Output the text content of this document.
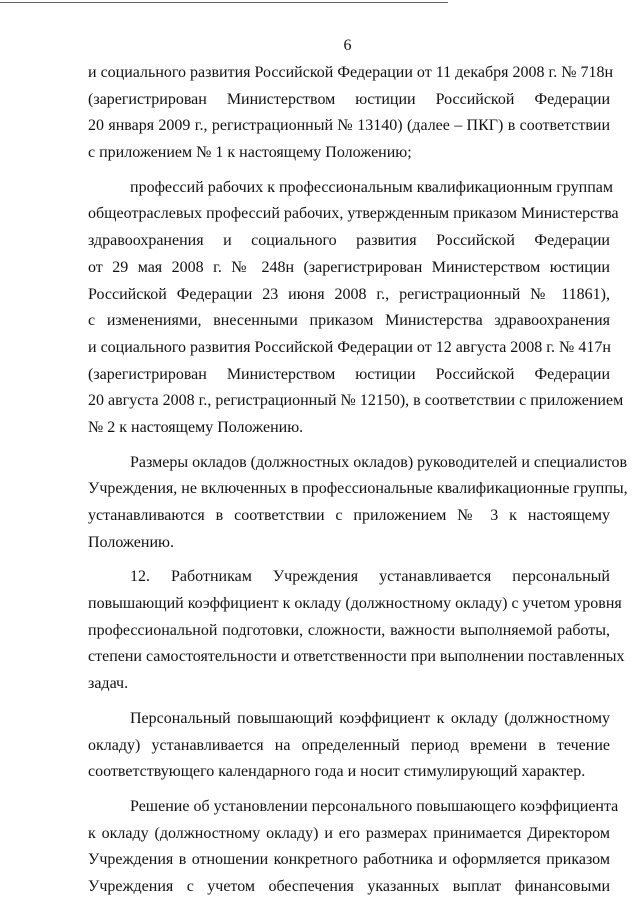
6
и социального развития Российской Федерации от 11 декабря 2008 г. № 718н
(зарегистрирован Министерством юстиции Российской Федерации
20 января 2009 г., регистрационный № 13140) (далее – ПКГ) в соответствии
с приложением № 1 к настоящему Положению;
профессий рабочих к профессиональным квалификационным группам
общеотраслевых профессий рабочих, утвержденным приказом Министерства
здравоохранения и социального развития Российской Федерации
от 29 мая 2008 г. № 248н (зарегистрирован Министерством юстиции
Российской Федерации 23 июня 2008 г., регистрационный № 11861),
с изменениями, внесенными приказом Министерства здравоохранения
и социального развития Российской Федерации от 12 августа 2008 г. № 417н
(зарегистрирован Министерством юстиции Российской Федерации
20 августа 2008 г., регистрационный № 12150), в соответствии с приложением
№ 2 к настоящему Положению.
Размеры окладов (должностных окладов) руководителей и специалистов
Учреждения, не включенных в профессиональные квалификационные группы,
устанавливаются в соответствии с приложением № 3 к настоящему
Положению.
12. Работникам Учреждения устанавливается персональный
повышающий коэффициент к окладу (должностному окладу) с учетом уровня
профессиональной подготовки, сложности, важности выполняемой работы,
степени самостоятельности и ответственности при выполнении поставленных
задач.
Персональный повышающий коэффициент к окладу (должностному
окладу) устанавливается на определенный период времени в течение
соответствующего календарного года и носит стимулирующий характер.
Решение об установлении персонального повышающего коэффициента
к окладу (должностному окладу) и его размерах принимается Директором
Учреждения в отношении конкретного работника и оформляется приказом
Учреждения с учетом обеспечения указанных выплат финансовыми
